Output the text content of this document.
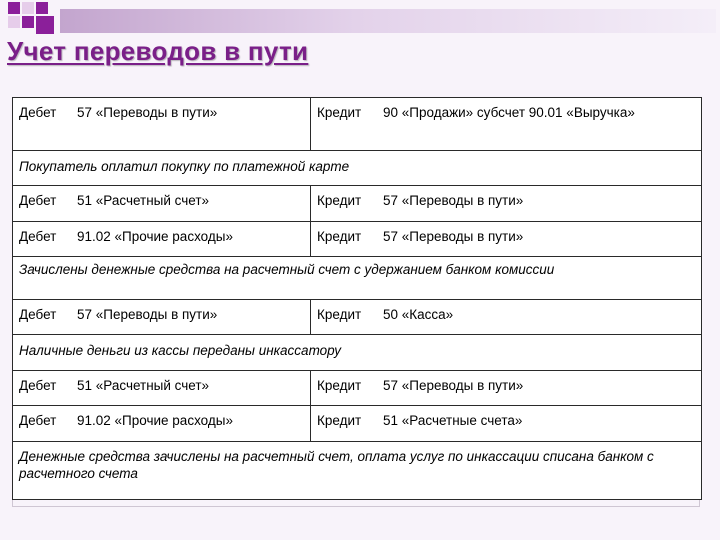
Учет переводов в пути
Дебет 57 «Переводы в пути»	Кредит 90 «Продажи» субсчет 90.01 «Выручка»
Покупатель оплатил покупку по платежной карте	
Дебет 51 «Расчетный счет»	Кредит 57 «Переводы в пути»
Дебет 91.02 «Прочие расходы»	Кредит 57 «Переводы в пути»
Зачислены денежные средства на расчетный счет с удержанием банком комиссии	
Дебет 57 «Переводы в пути»	Кредит 50 «Касса»
Наличные деньги из кассы переданы инкассатору	
Дебет 51 «Расчетный счет»	Кредит 57 «Переводы в пути»
Дебет 91.02 «Прочие расходы»	Кредит 51 «Расчетные счета»
Денежные средства зачислены на расчетный счет, оплата услуг по инкассации списана банком с расчетного счета	
